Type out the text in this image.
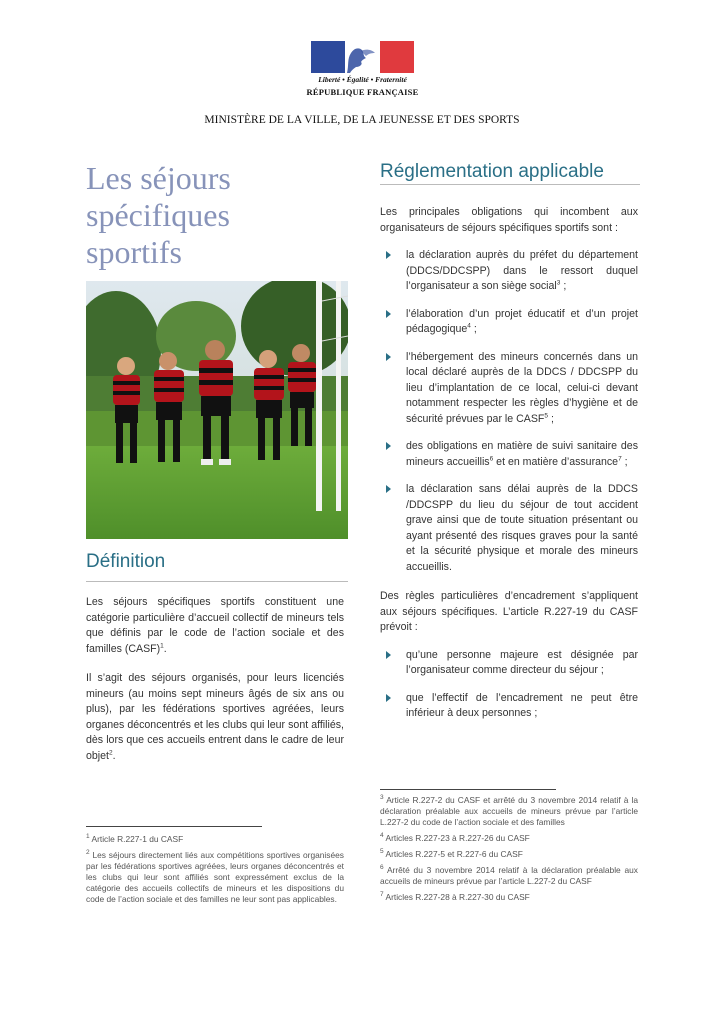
Liberté • Égalité • Fraternité
RÉPUBLIQUE FRANÇAISE
MINISTÈRE DE LA VILLE, DE LA JEUNESSE ET DES SPORTS
Les séjours
spécifiques
sportifs
Définition

Les séjours spécifiques sportifs constituent une catégorie particulière d’accueil collectif de mineurs tels que définis par le code de l’action sociale et des familles (CASF)$^1$.

Il s’agit des séjours organisés, pour leurs licenciés mineurs (au moins sept mineurs âgés de six ans ou plus), par les fédérations sportives agréées, leurs organes déconcentrés et les clubs qui leur sont affiliés, dès lors que ces accueils entrent dans le cadre de leur objet$^2$.

$^1$ Article R.227-1 du CASF
$^2$ Les séjours directement liés aux compétitions sportives organisées par les fédérations sportives agréées, leurs organes déconcentrés et les clubs qui leur sont affiliés sont expressément exclus de la catégorie des accueils collectifs de mineurs et les dispositions du code de l’action sociale et des familles ne leur sont pas applicables.
Réglementation applicable

Les principales obligations qui incombent aux organisateurs de séjours spécifiques sportifs sont :

la déclaration auprès du préfet du département (DDCS/DDCSPP) dans le ressort duquel l’organisateur a son siège social$^3$ ;
l’élaboration d’un projet éducatif et d’un projet pédagogique$^4$ ;
l’hébergement des mineurs concernés dans un local déclaré auprès de la DDCS / DDCSPP du lieu d’implantation de ce local, celui-ci devant notamment respecter les règles d’hygiène et de sécurité prévues par le CASF$^5$ ;
des obligations en matière de suivi sanitaire des mineurs accueillis$^6$ et en matière d’assurance$^7$ ;
la déclaration sans délai auprès de la DDCS /DDCSPP du lieu du séjour de tout accident grave ainsi que de toute situation présentant ou ayant présenté des risques graves pour la santé et la sécurité physique et morale des mineurs accueillis.

Des règles particulières d’encadrement s’appliquent aux séjours spécifiques. L’article R.227-19 du CASF prévoit :

qu’une personne majeure est désignée par l’organisateur comme directeur du séjour ;
que l’effectif de l’encadrement ne peut être inférieur à deux personnes ;
$^3$ Article R.227-2 du CASF et arrêté du 3 novembre 2014 relatif à la déclaration préalable aux accueils de mineurs prévue par l’article L.227-2 du code de l’action sociale et des familles
$^4$ Articles R.227-23 à R.227-26 du CASF
$^5$ Articles R.227-5 et R.227-6 du CASF
$^6$ Arrêté du 3 novembre 2014 relatif à la déclaration préalable aux accueils de mineurs prévue par l’article L.227-2 du CASF
$^7$ Articles R.227-28 à R.227-30 du CASF
